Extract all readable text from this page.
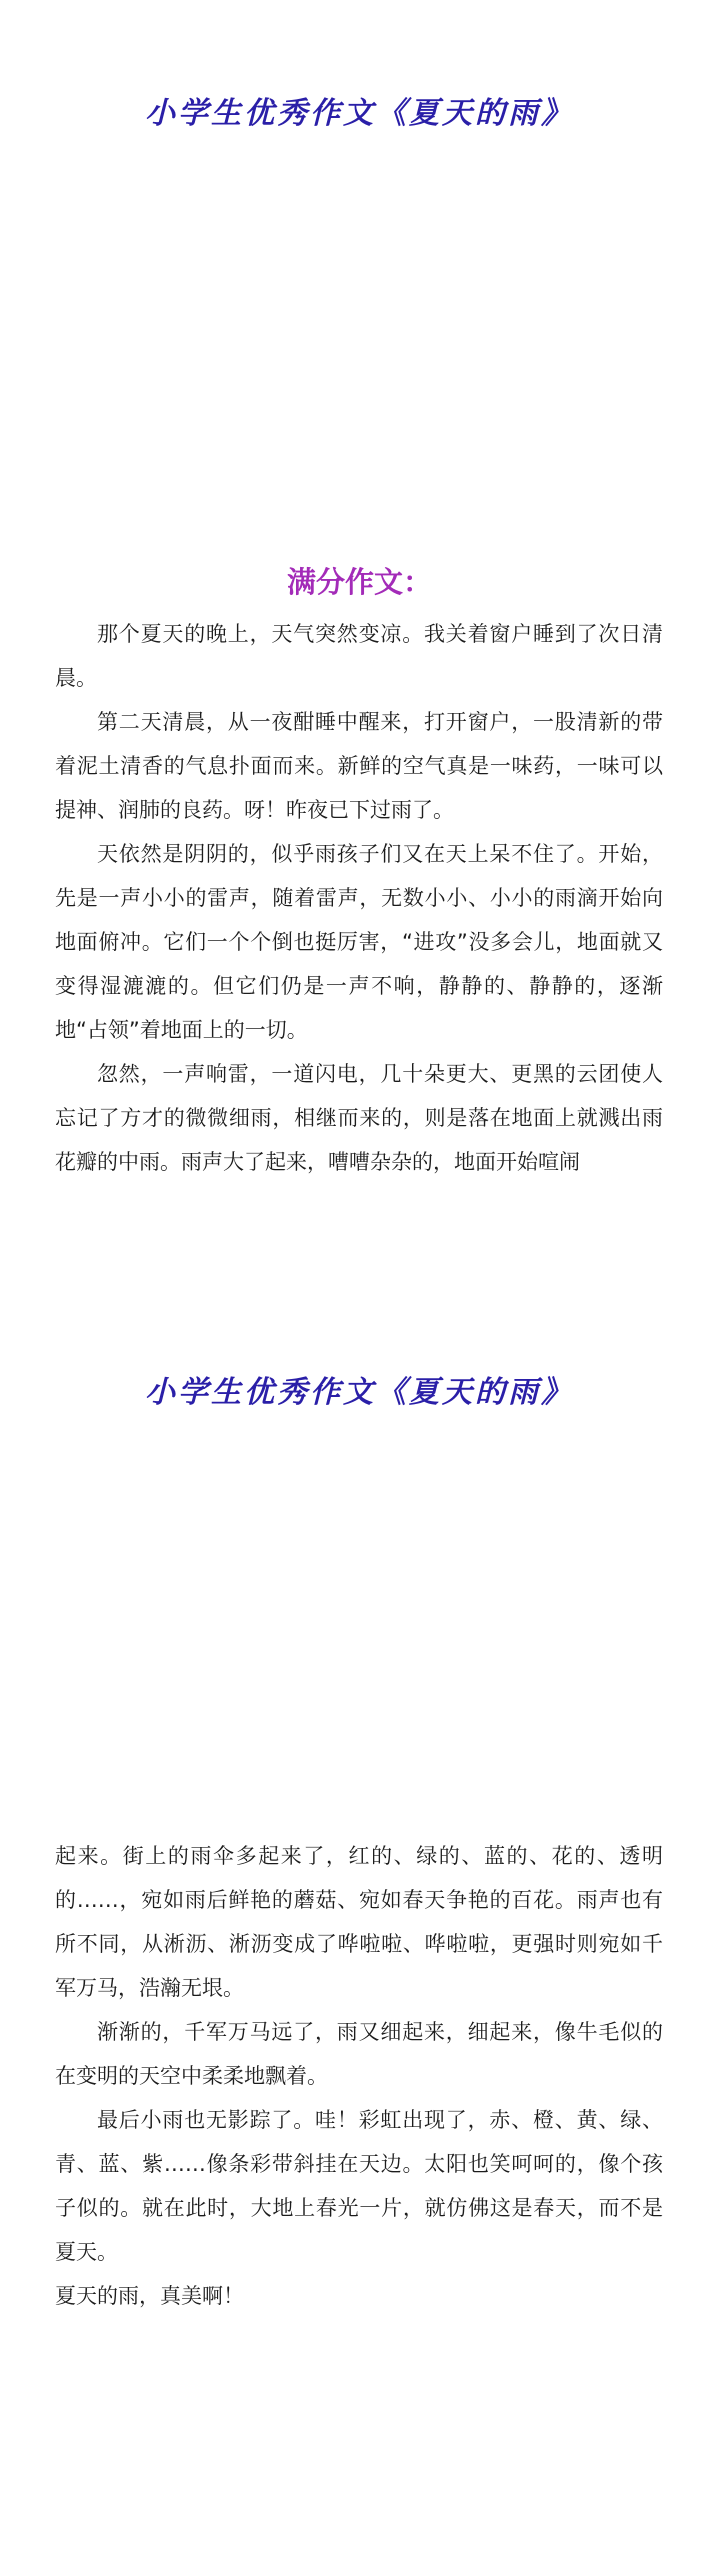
小学生优秀作文《夏天的雨》
满分作文：

那个夏天的晚上，天气突然变凉。我关着窗户睡到了次日清晨。

第二天清晨，从一夜酣睡中醒来，打开窗户，一股清新的带着泥土清香的气息扑面而来。新鲜的空气真是一味药，一味可以提神、润肺的良药。呀！昨夜已下过雨了。

天依然是阴阴的，似乎雨孩子们又在天上呆不住了。开始，先是一声小小的雷声，随着雷声，无数小小、小小的雨滴开始向地面俯冲。它们一个个倒也挺厉害，“进攻”没多会儿，地面就又变得湿漉漉的。但它们仍是一声不响，静静的、静静的，逐渐地“占领”着地面上的一切。

忽然，一声响雷，一道闪电，几十朵更大、更黑的云团使人忘记了方才的微微细雨，相继而来的，则是落在地面上就溅出雨花瓣的中雨。雨声大了起来，嘈嘈杂杂的，地面开始喧闹

小学生优秀作文《夏天的雨》

起来。街上的雨伞多起来了，红的、绿的、蓝的、花的、透明的……，宛如雨后鲜艳的蘑菇、宛如春天争艳的百花。雨声也有所不同，从淅沥、淅沥变成了哗啦啦、哗啦啦，更强时则宛如千军万马，浩瀚无垠。

渐渐的，千军万马远了，雨又细起来，细起来，像牛毛似的在变明的天空中柔柔地飘着。

最后小雨也无影踪了。哇！彩虹出现了，赤、橙、黄、绿、青、蓝、紫……像条彩带斜挂在天边。太阳也笑呵呵的，像个孩子似的。就在此时，大地上春光一片，就仿佛这是春天，而不是夏天。

夏天的雨，真美啊！
